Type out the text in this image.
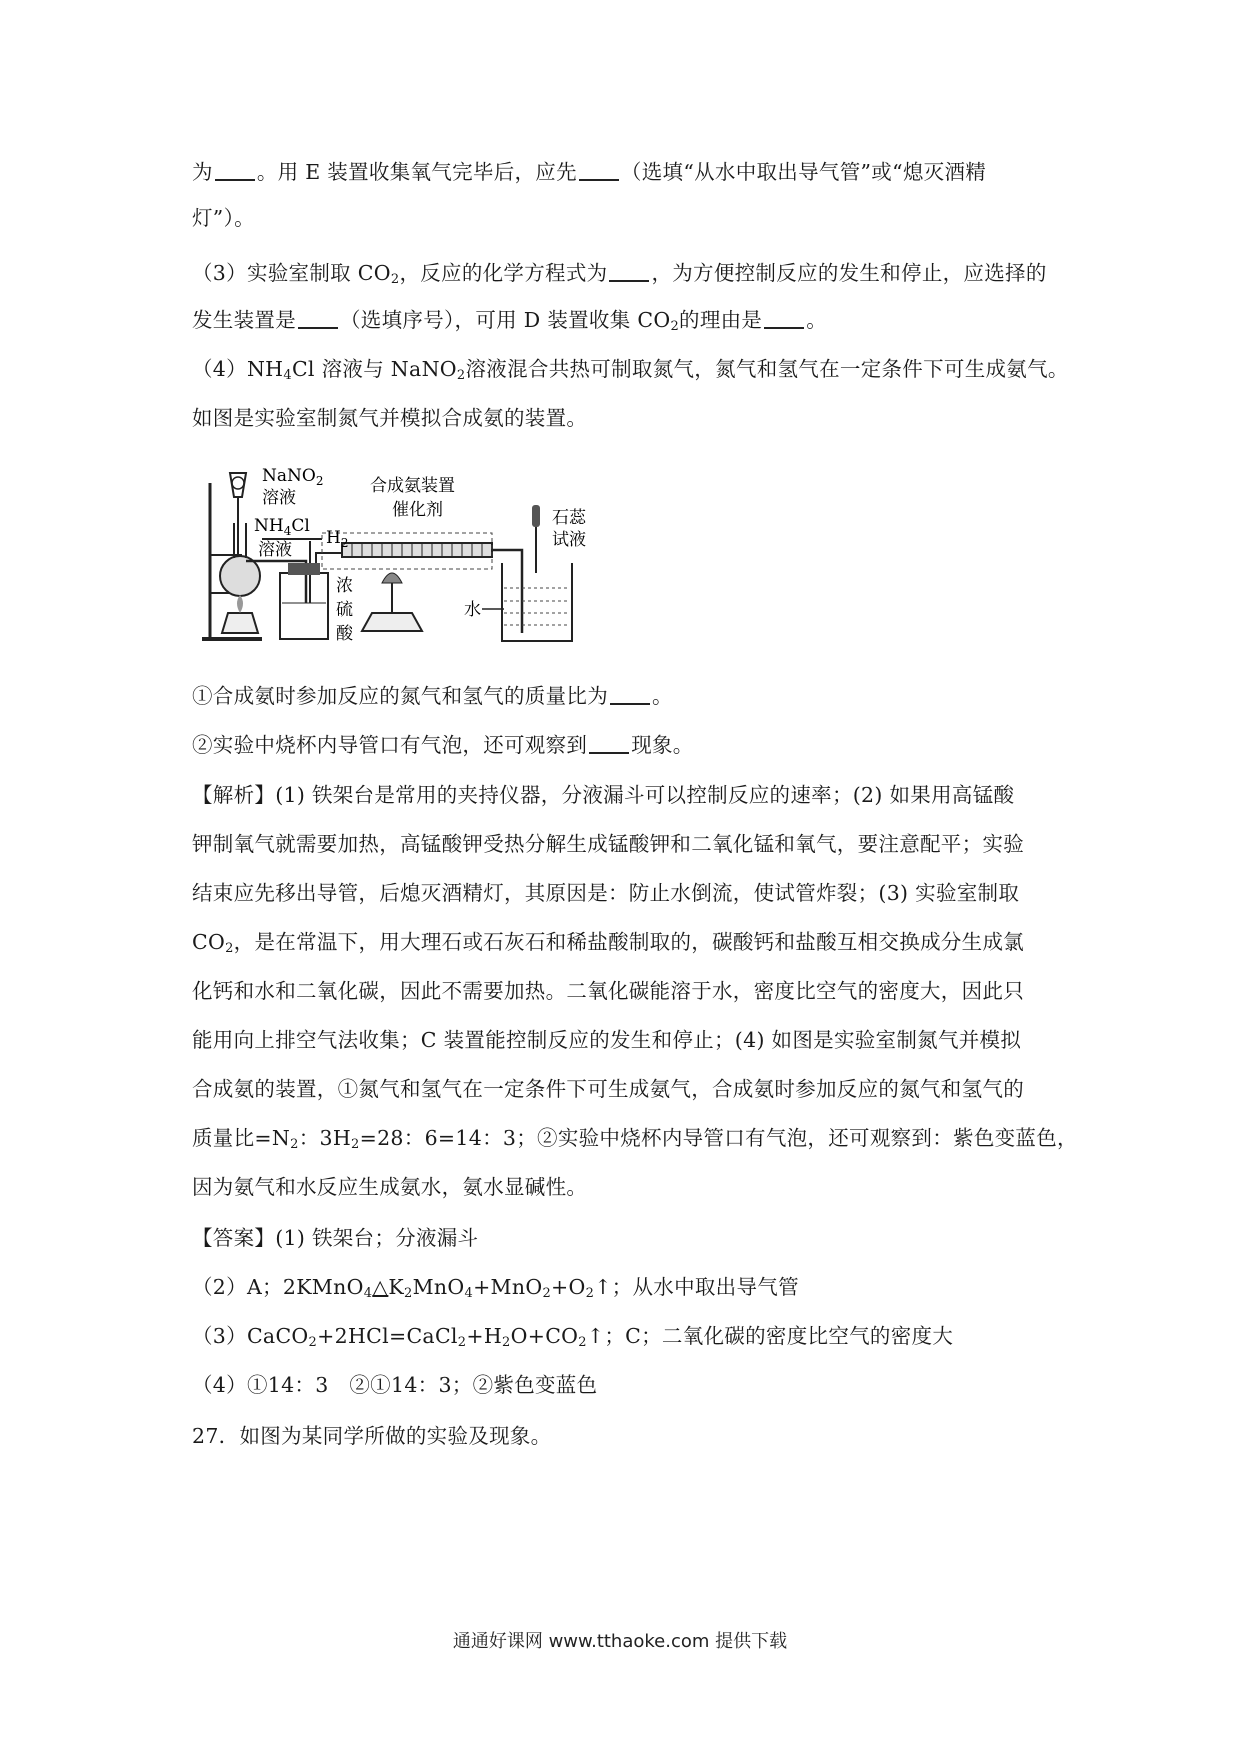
为 。用 E 装置收集氧气完毕后，应先 （选填“从水中取出导气管”或“熄灭酒精
灯”）。
（3）实验室制取 $CO_2$，反应的化学方程式为 ，为方便控制反应的发生和停止，应选择的
发生装置是 （选填序号），可用 D 装置收集 $CO_2$的理由是 。
$(4)NH_4Cl$ 溶液与 NaNO$_2$溶液混合共热可制取氮气，氮气和氢气在一定条件下可生成氨气。
如图是实验室制氮气并模拟合成氨的装置。
NaNO$_2$
溶液
$NH_4Cl$
溶液
$H_2$
合成氨装置
催化剂	石蕊
试液
浓
硫
酸
水
①合成氨时参加反应的氮气和氢气的质量比为 。
②实验中烧杯内导管口有气泡，还可观察到 现象。
【解析】(1) 铁架台是常用的夹持仪器，分液漏斗可以控制反应的速率；(2) 如果用高锰酸
钾制氧气就需要加热，高锰酸钾受热分解生成锰酸钾和二氧化锰和氧气，要注意配平；实验
结束应先移出导管，后熄灭酒精灯，其原因是：防止水倒流，使试管炸裂；(3) 实验室制取
$CO_2$，是在常温下，用大理石或石灰石和稀盐酸制取的，碳酸钙和盐酸互相交换成分生成氯
化钙和水和二氧化碳，因此不需要加热。二氧化碳能溶于水，密度比空气的密度大，因此只
能用向上排空气法收集；C 装置能控制反应的发生和停止；(4) 如图是实验室制氮气并模拟
合成氨的装置，①氮气和氢气在一定条件下可生成氨气，合成氨时参加反应的氮气和氢气的
质量比$=N_2$：$3H_2=28$：6=14：3；②实验中烧杯内导管口有气泡，还可观察到：紫色变蓝色，
因为氨气和水反应生成氨水，氨水显碱性。
【答案】(1) 铁架台；分液漏斗
（2）A；$2KMnO_4\triangle K_2MnO_4+MnO_2+O_2↑$；从水中取出导气管
$(3)CaCO_2+2HCl=CaCl_2+H_2O+CO_2↑$；C；二氧化碳的密度比空气的密度大
（4）①14：3　②①14：3；②紫色变蓝色
27．如图为某同学所做的实验及现象。
通通好课网 www.tthaoke.com 提供下载
